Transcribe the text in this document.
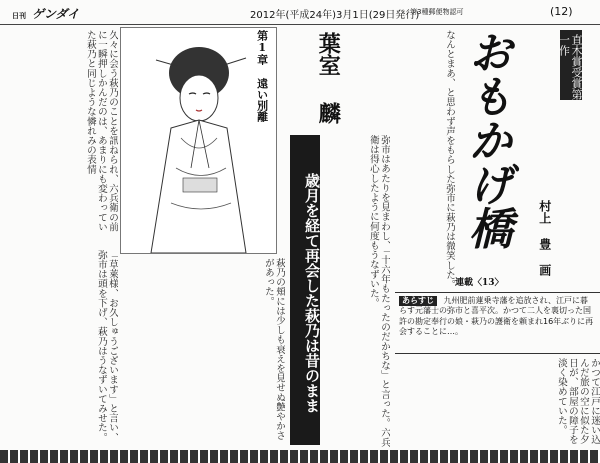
日刊 ゲンダイ	2012年(平成24年)3月1日(29日発行)
第3種郵便物認可	(12)
久々に会う萩乃のことを訊ねられ、六兵衛の前に一瞬押しかんだのは、あまりにも変わっていた萩乃と同じような憐れみの表情
「草萊様、お久しゅうございます」と言い、弥市は頭を下げ、萩乃はうなずいてみせた。	萩乃の頬には少しも衰えを見せぬ艶やかさがあった。
第1章 遠い別離
弥市はあたりを見まわし、「十六年もたったのだかちな」と言った。六兵衛は得心したように何度もうなずいた。
歳月を経て再会した萩乃は昔のまま
葉室 麟	おもかげ橋	直木賞受賞第一作
村上 豊 画
連載〈13〉
なんとまあ、と思わず声をもらした弥市に萩乃は微笑した。
あらすじ 九州肥前蓮乗寺藩を追放され、江戸に暮らす元藩士の弥市と喜平次。かつて二人を裏切った国許の勘定奉行の娘・萩乃の護衛を頼まれ16年ぶりに再会することに…。
かつて江戸に迷い込んだ旅の空に似た夕日が、部屋の障子を淡く染めていた。
